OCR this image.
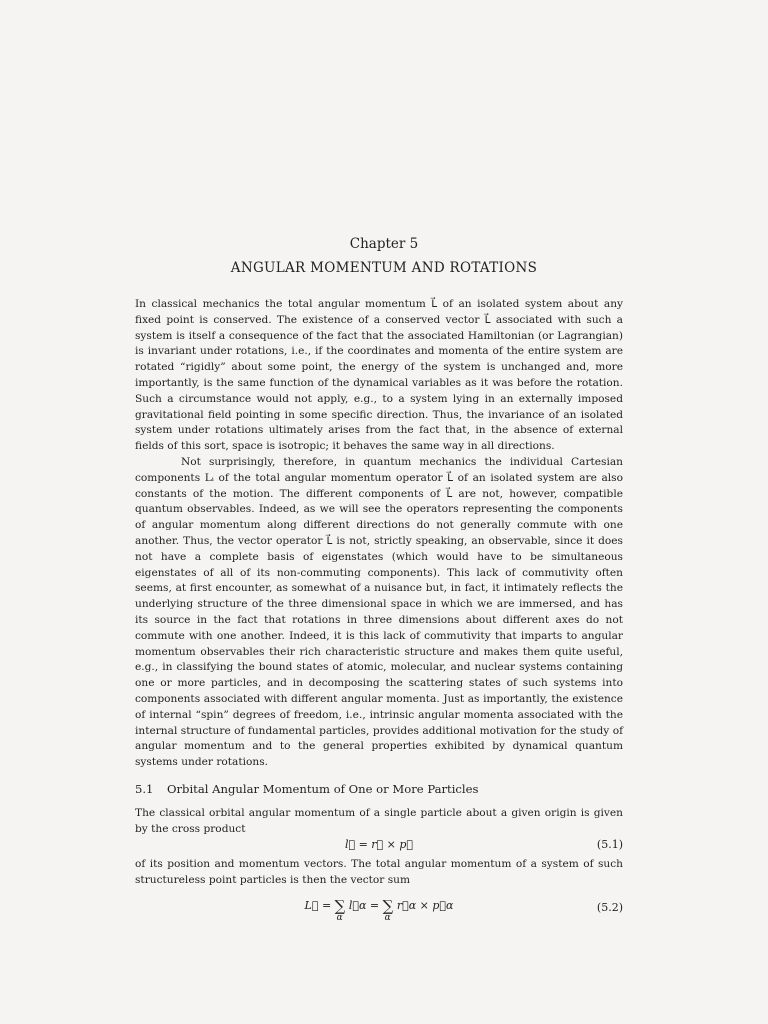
Chapter 5
ANGULAR MOMENTUM AND ROTATIONS
In classical mechanics the total angular momentum L⃗ of an isolated system about any fixed point is conserved. The existence of a conserved vector L⃗ associated with such a system is itself a consequence of the fact that the associated Hamiltonian (or Lagrangian) is invariant under rotations, i.e., if the coordinates and momenta of the entire system are rotated “rigidly” about some point, the energy of the system is unchanged and, more importantly, is the same function of the dynamical variables as it was before the rotation. Such a circumstance would not apply, e.g., to a system lying in an externally imposed gravitational field pointing in some specific direction. Thus, the invariance of an isolated system under rotations ultimately arises from the fact that, in the absence of external fields of this sort, space is isotropic; it behaves the same way in all directions.
Not surprisingly, therefore, in quantum mechanics the individual Cartesian components Lᵢ of the total angular momentum operator L⃗ of an isolated system are also constants of the motion. The different components of L⃗ are not, however, compatible quantum observables. Indeed, as we will see the operators representing the components of angular momentum along different directions do not generally commute with one another. Thus, the vector operator L⃗ is not, strictly speaking, an observable, since it does not have a complete basis of eigenstates (which would have to be simultaneous eigenstates of all of its non-commuting components). This lack of commutivity often seems, at first encounter, as somewhat of a nuisance but, in fact, it intimately reflects the underlying structure of the three dimensional space in which we are immersed, and has its source in the fact that rotations in three dimensions about different axes do not commute with one another. Indeed, it is this lack of commutivity that imparts to angular momentum observables their rich characteristic structure and makes them quite useful, e.g., in classifying the bound states of atomic, molecular, and nuclear systems containing one or more particles, and in decomposing the scattering states of such systems into components associated with different angular momenta. Just as importantly, the existence of internal “spin” degrees of freedom, i.e., intrinsic angular momenta associated with the internal structure of fundamental particles, provides additional motivation for the study of angular momentum and to the general properties exhibited by dynamical quantum systems under rotations.
5.1 Orbital Angular Momentum of One or More Particles
The classical orbital angular momentum of a single particle about a given origin is given by the cross product
l⃗ = r⃗ × p⃗	(5.1)
of its position and momentum vectors. The total angular momentum of a system of such structureless point particles is then the vector sum
L⃗ = ∑
α
l⃗α = ∑
α
r⃗α × p⃗α	(5.2)
